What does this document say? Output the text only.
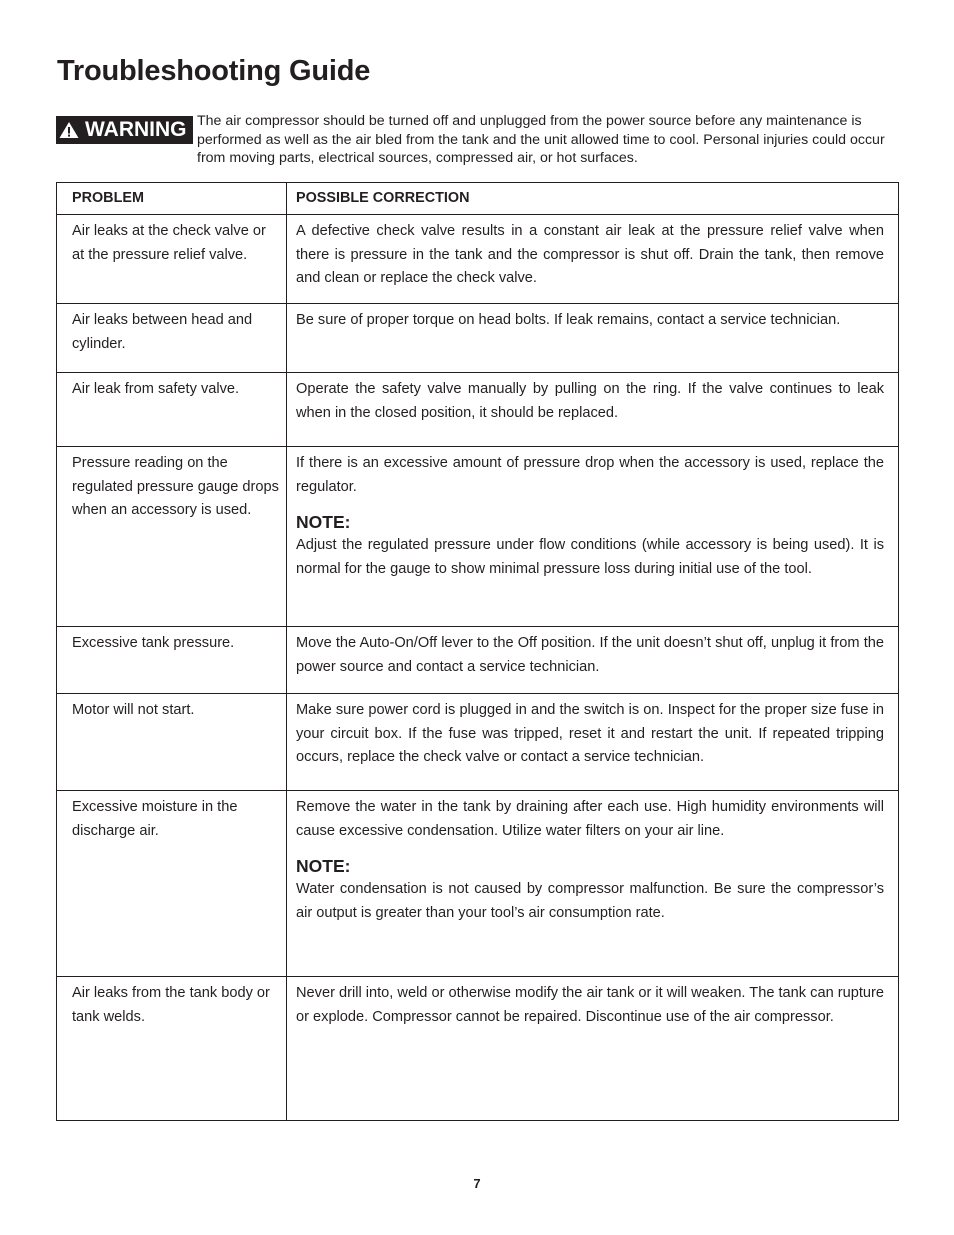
Troubleshooting Guide
WARNING The air compressor should be turned off and unplugged from the power source before any maintenance is performed as well as the air bled from the tank and the unit allowed time to cool. Personal injuries could occur from moving parts, electrical sources, compressed air, or hot surfaces.
PROBLEM	POSSIBLE CORRECTION
Air leaks at the check valve or at the pressure relief valve.	A defective check valve results in a constant air leak at the pressure relief valve when there is pressure in the tank and the compressor is shut off. Drain the tank, then remove and clean or replace the check valve.
Air leaks between head and cylinder.	Be sure of proper torque on head bolts. If leak remains, contact a service technician.
Air leak from safety valve.	Operate the safety valve manually by pulling on the ring. If the valve continues to leak when in the closed position, it should be replaced.
Pressure reading on the regulated pressure gauge drops when an accessory is used.	If there is an excessive amount of pressure drop when the accessory is used, replace the regulator.
NOTE:
Adjust the regulated pressure under flow conditions (while accessory is being used). It is normal for the gauge to show minimal pressure loss during initial use of the tool.
Excessive tank pressure.	Move the Auto-On/Off lever to the Off position. If the unit doesn’t shut off, unplug it from the power source and contact a service technician.
Motor will not start.	Make sure power cord is plugged in and the switch is on. Inspect for the proper size fuse in your circuit box. If the fuse was tripped, reset it and restart the unit. If repeated tripping occurs, replace the check valve or contact a service technician.
Excessive moisture in the discharge air.	Remove the water in the tank by draining after each use. High humidity environments will cause excessive condensation. Utilize water filters on your air line.
NOTE:
Water condensation is not caused by compressor malfunction. Be sure the compressor’s air output is greater than your tool’s air consumption rate.
Air leaks from the tank body or tank welds.	Never drill into, weld or otherwise modify the air tank or it will weaken. The tank can rupture or explode. Compressor cannot be repaired. Discontinue use of the air compressor.
7
